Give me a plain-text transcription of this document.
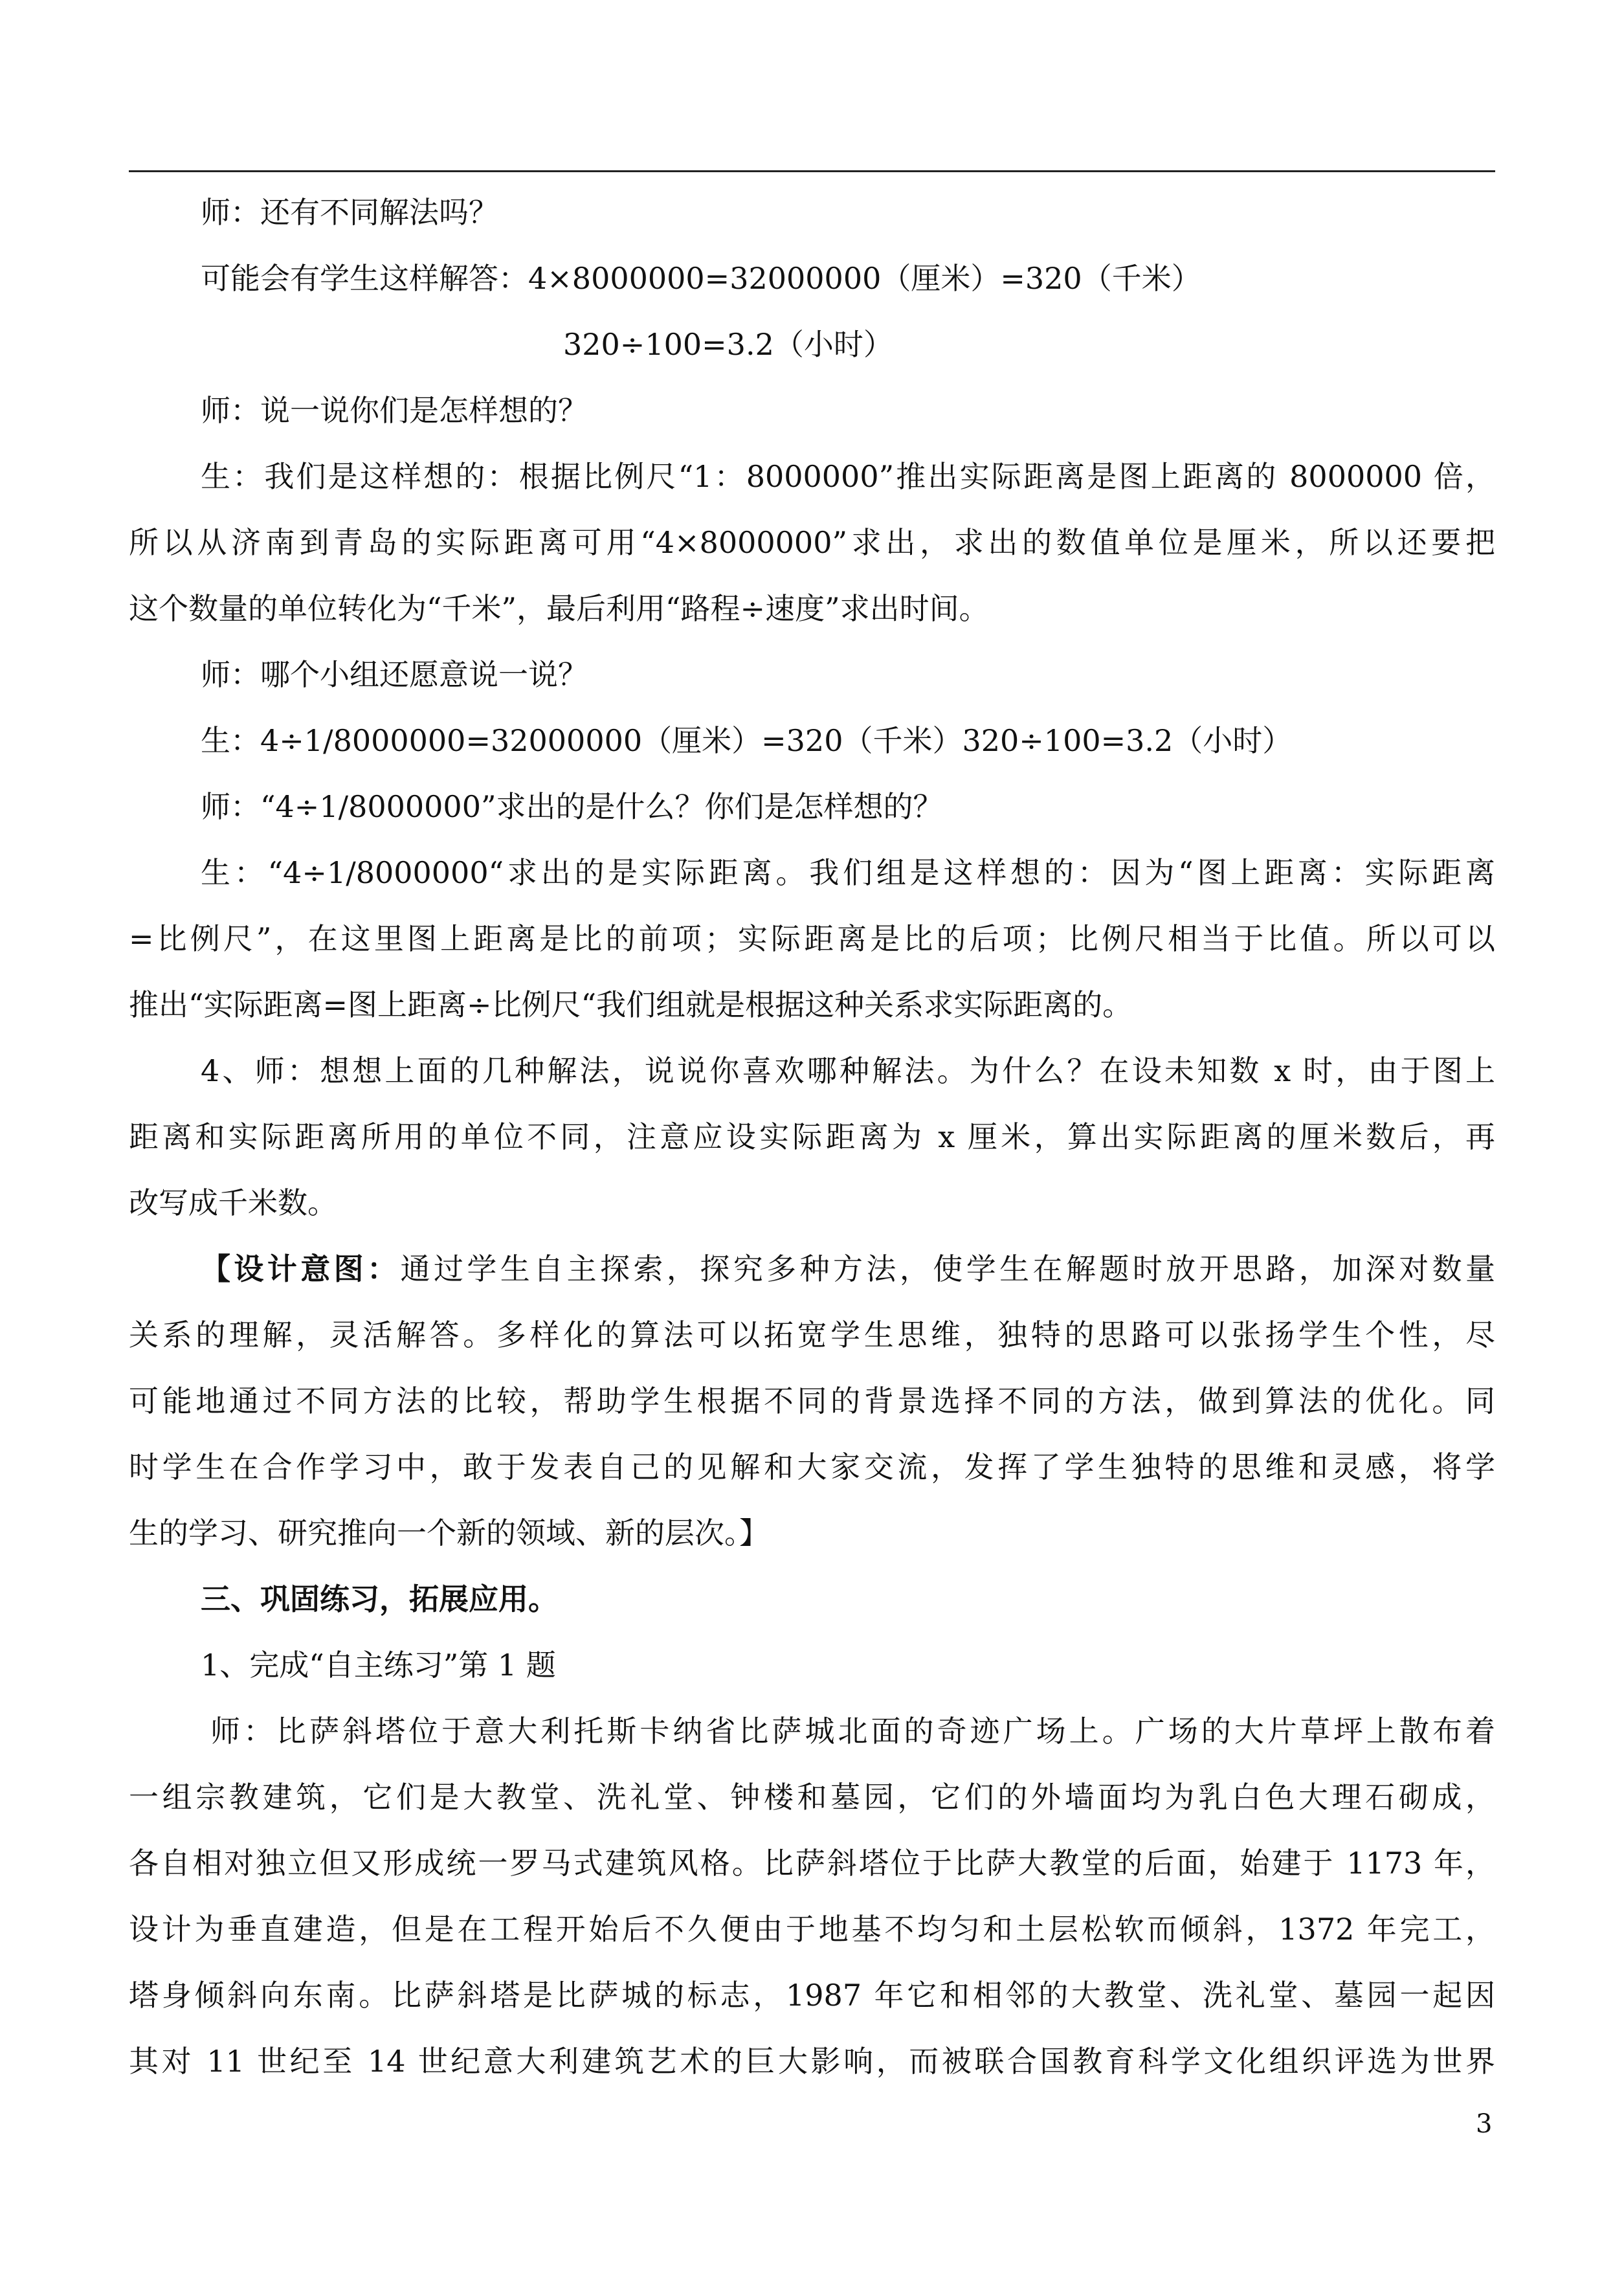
师：还有不同解法吗？
可能会有学生这样解答：4×8000000=32000000（厘米）=320（千米）
320÷100=3.2（小时）
师：说一说你们是怎样想的？
生：我们是这样想的：根据比例尺“1：8000000”推出实际距离是图上距离的 8000000 倍，
所以从济南到青岛的实际距离可用“4×8000000”求出，求出的数值单位是厘米，所以还要把
这个数量的单位转化为“千米”，最后利用“路程÷速度”求出时间。
师：哪个小组还愿意说一说？
生：4÷1/8000000=32000000（厘米）=320（千米）320÷100=3.2（小时）
师：“4÷1/8000000”求出的是什么？你们是怎样想的？
生：“4÷1/8000000“求出的是实际距离。我们组是这样想的：因为“图上距离：实际距离
=比例尺”，在这里图上距离是比的前项；实际距离是比的后项；比例尺相当于比值。所以可以
推出“实际距离=图上距离÷比例尺“我们组就是根据这种关系求实际距离的。
4、师：想想上面的几种解法，说说你喜欢哪种解法。为什么？在设未知数 x 时，由于图上
距离和实际距离所用的单位不同，注意应设实际距离为 x 厘米，算出实际距离的厘米数后，再
改写成千米数。
【设计意图：通过学生自主探索，探究多种方法，使学生在解题时放开思路，加深对数量
关系的理解，灵活解答。多样化的算法可以拓宽学生思维，独特的思路可以张扬学生个性，尽
可能地通过不同方法的比较，帮助学生根据不同的背景选择不同的方法，做到算法的优化。同
时学生在合作学习中，敢于发表自己的见解和大家交流，发挥了学生独特的思维和灵感，将学
生的学习、研究推向一个新的领域、新的层次。】
三、巩固练习，拓展应用。
1、完成“自主练习”第 1 题
师：比萨斜塔位于意大利托斯卡纳省比萨城北面的奇迹广场上。广场的大片草坪上散布着
一组宗教建筑，它们是大教堂、洗礼堂、钟楼和墓园，它们的外墙面均为乳白色大理石砌成，
各自相对独立但又形成统一罗马式建筑风格。比萨斜塔位于比萨大教堂的后面，始建于 1173 年，
设计为垂直建造，但是在工程开始后不久便由于地基不均匀和土层松软而倾斜，1372 年完工，
塔身倾斜向东南。比萨斜塔是比萨城的标志，1987 年它和相邻的大教堂、洗礼堂、墓园一起因
其对 11 世纪至 14 世纪意大利建筑艺术的巨大影响，而被联合国教育科学文化组织评选为世界
3
